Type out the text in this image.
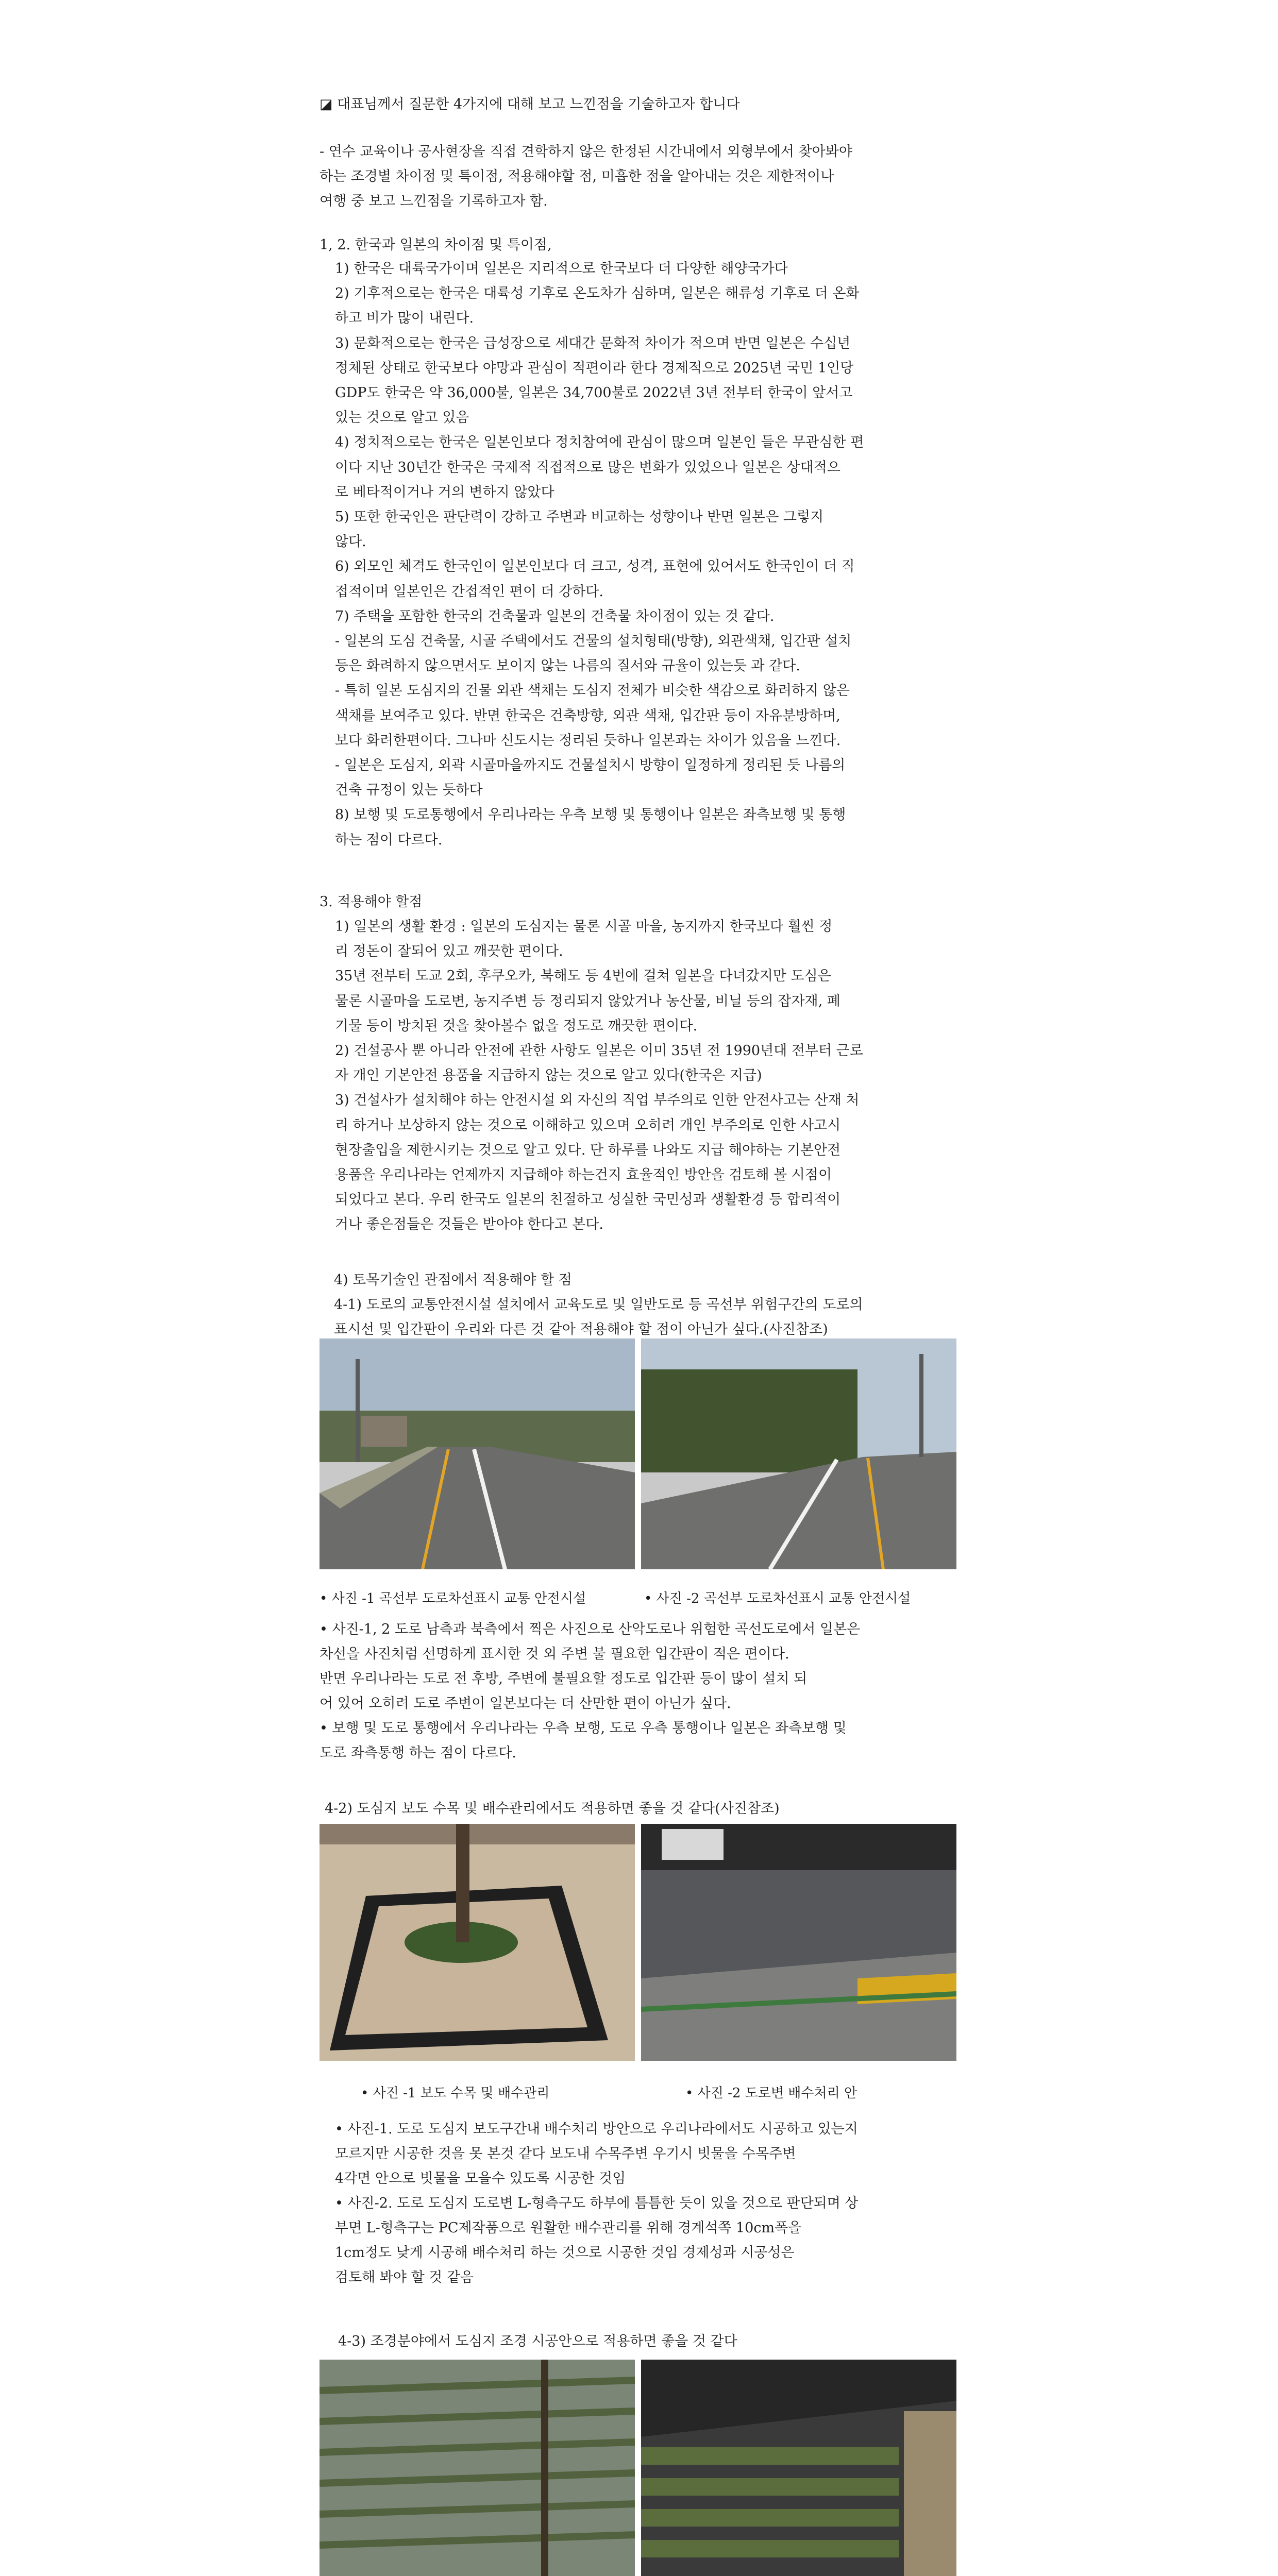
◪ 대표님께서 질문한 4가지에 대해 보고 느낀점을 기술하고자 합니다
- 연수 교육이나 공사현장을 직접 견학하지 않은 한정된 시간내에서 외형부에서 찾아봐야
하는 조경별 차이점 및 특이점, 적용해야할 점, 미흡한 점을 알아내는 것은 제한적이나
여행 중 보고 느낀점을 기록하고자 함.
1, 2. 한국과 일본의 차이점 및 특이점,
1) 한국은 대륙국가이며 일본은 지리적으로 한국보다 더 다양한 해양국가다
2) 기후적으로는 한국은 대륙성 기후로 온도차가 심하며, 일본은 해류성 기후로 더 온화
하고 비가 많이 내린다.
3) 문화적으로는 한국은 급성장으로 세대간 문화적 차이가 적으며 반면 일본은 수십년
정체된 상태로 한국보다 야망과 관심이 적편이라 한다 경제적으로 2025년 국민 1인당
GDP도 한국은 약 36,000불, 일본은 34,700불로 2022년 3년 전부터 한국이 앞서고
있는 것으로 알고 있음
4) 정치적으로는 한국은 일본인보다 정치참여에 관심이 많으며 일본인 들은 무관심한 편
이다 지난 30년간 한국은 국제적 직접적으로 많은 변화가 있었으나 일본은 상대적으
로 베타적이거나 거의 변하지 않았다
5) 또한 한국인은 판단력이 강하고 주변과 비교하는 성향이나 반면 일본은 그렇지
않다.
6) 외모인 체격도 한국인이 일본인보다 더 크고, 성격, 표현에 있어서도 한국인이 더 직
접적이며 일본인은 간접적인 편이 더 강하다.
7) 주택을 포함한 한국의 건축물과 일본의 건축물 차이점이 있는 것 같다.
- 일본의 도심 건축물, 시골 주택에서도 건물의 설치형태(방향), 외관색채, 입간판 설치
등은 화려하지 않으면서도 보이지 않는 나름의 질서와 규율이 있는듯 과 같다.
- 특히 일본 도심지의 건물 외관 색채는 도심지 전체가 비슷한 색감으로 화려하지 않은
색채를 보여주고 있다. 반면 한국은 건축방향, 외관 색채, 입간판 등이 자유분방하며,
보다 화려한편이다. 그나마 신도시는 정리된 듯하나 일본과는 차이가 있음을 느낀다.
- 일본은 도심지, 외곽 시골마을까지도 건물설치시 방향이 일정하게 정리된 듯 나름의
건축 규정이 있는 듯하다
8) 보행 및 도로통행에서 우리나라는 우측 보행 및 통행이나 일본은 좌측보행 및 통행
하는 점이 다르다.
3. 적용해야 할점
1) 일본의 생활 환경 : 일본의 도심지는 물론 시골 마을, 농지까지 한국보다 훨씬 정
리 정돈이 잘되어 있고 깨끗한 편이다.
35년 전부터 도교 2회, 후쿠오카, 북해도 등 4번에 걸쳐 일본을 다녀갔지만 도심은
물론 시골마을 도로변, 농지주변 등 정리되지 않았거나 농산물, 비닐 등의 잡자재, 폐
기물 등이 방치된 것을 찾아볼수 없을 정도로 깨끗한 편이다.
2) 건설공사 뿐 아니라 안전에 관한 사항도 일본은 이미 35년 전 1990년대 전부터 근로
자 개인 기본안전 용품을 지급하지 않는 것으로 알고 있다(한국은 지급)
3) 건설사가 설치해야 하는 안전시설 외 자신의 직업 부주의로 인한 안전사고는 산재 처
리 하거나 보상하지 않는 것으로 이해하고 있으며 오히려 개인 부주의로 인한 사고시
현장출입을 제한시키는 것으로 알고 있다. 단 하루를 나와도 지급 해야하는 기본안전
용품을 우리나라는 언제까지 지급해야 하는건지 효율적인 방안을 검토해 볼 시점이
되었다고 본다. 우리 한국도 일본의 친절하고 성실한 국민성과 생활환경 등 합리적이
거나 좋은점들은 것들은 받아야 한다고 본다.
4) 토목기술인 관점에서 적용해야 할 점
4-1) 도로의 교통안전시설 설치에서 교육도로 및 일반도로 등 곡선부 위험구간의 도로의
표시선 및 입간판이 우리와 다른 것 같아 적용해야 할 점이 아닌가 싶다.(사진참조)
• 사진 -1 곡선부 도로차선표시 교통 안전시설	• 사진 -2 곡선부 도로차선표시 교통 안전시설
• 사진-1, 2 도로 남측과 북측에서 찍은 사진으로 산악도로나 위험한 곡선도로에서 일본은
차선을 사진처럼 선명하게 표시한 것 외 주변 불 필요한 입간판이 적은 편이다.
반면 우리나라는 도로 전 후방, 주변에 불필요할 정도로 입간판 등이 많이 설치 되
어 있어 오히려 도로 주변이 일본보다는 더 산만한 편이 아닌가 싶다.
• 보행 및 도로 통행에서 우리나라는 우측 보행, 도로 우측 통행이나 일본은 좌측보행 및
도로 좌측통행 하는 점이 다르다.
4-2) 도심지 보도 수목 및 배수관리에서도 적용하면 좋을 것 같다(사진참조)
• 사진 -1 보도 수목 및 배수관리	• 사진 -2 도로변 배수처리 안
• 사진-1. 도로 도심지 보도구간내 배수처리 방안으로 우리나라에서도 시공하고 있는지
모르지만 시공한 것을 못 본것 같다 보도내 수목주변 우기시 빗물을 수목주변
4각면 안으로 빗물을 모을수 있도록 시공한 것임
• 사진-2. 도로 도심지 도로변 L-형측구도 하부에 틈틈한 듯이 있을 것으로 판단되며 상
부면 L-형측구는 PC제작품으로 원활한 배수관리를 위해 경계석쪽 10cm폭을
1cm정도 낮게 시공해 배수처리 하는 것으로 시공한 것임 경제성과 시공성은
검토해 봐야 할 것 같음
4-3) 조경분야에서 도심지 조경 시공안으로 적용하면 좋을 것 같다
